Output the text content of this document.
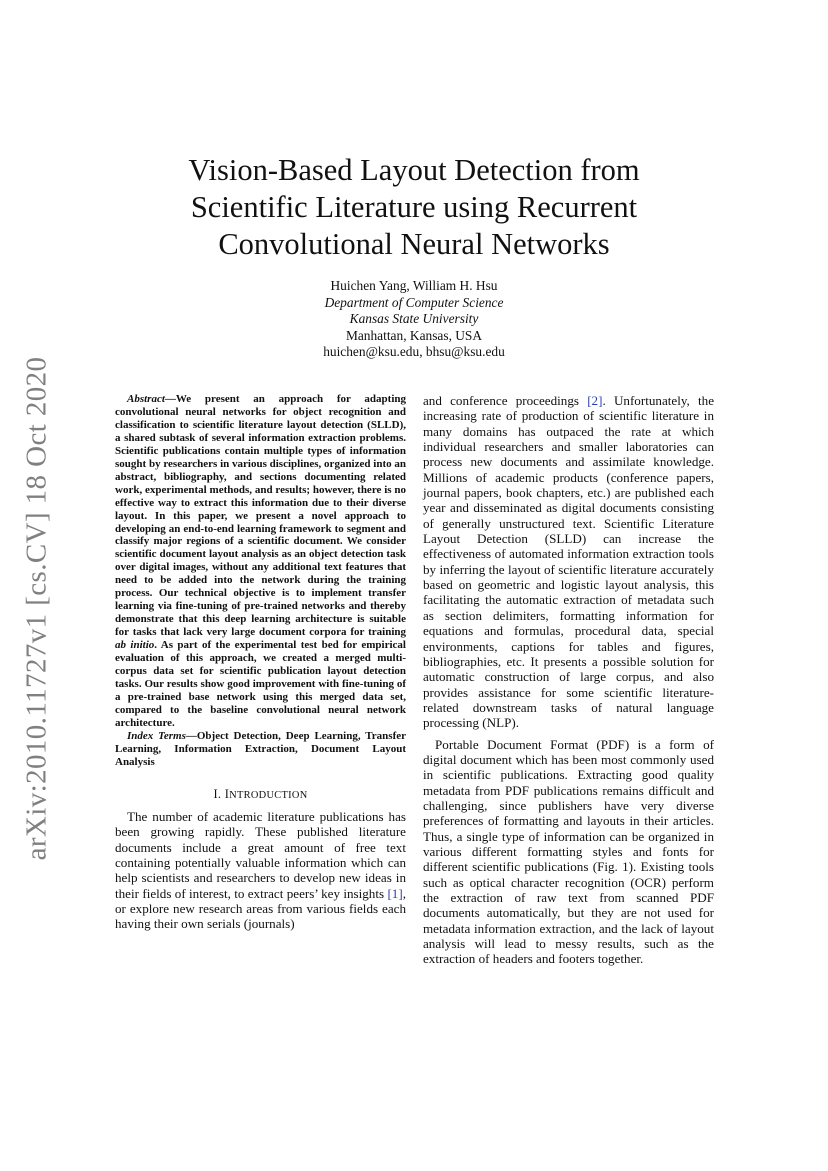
arXiv:2010.11727v1 [cs.CV] 18 Oct 2020
Vision-Based Layout Detection from
Scientific Literature using Recurrent
Convolutional Neural Networks
Huichen Yang, William H. Hsu
Department of Computer Science
Kansas State University
Manhattan, Kansas, USA
huichen@ksu.edu, bhsu@ksu.edu

Abstract—We present an approach for adapting convolutional neural networks for object recognition and classification to scientific literature layout detection (SLLD), a shared subtask of several information extraction problems. Scientific publications contain multiple types of information sought by researchers in various disciplines, organized into an abstract, bibliography, and sections documenting related work, experimental methods, and results; however, there is no effective way to extract this information due to their diverse layout. In this paper, we present a novel approach to developing an end-to-end learning framework to segment and classify major regions of a scientific document. We consider scientific document layout analysis as an object detection task over digital images, without any additional text features that need to be added into the network during the training process. Our technical objective is to implement transfer learning via fine-tuning of pre-trained networks and thereby demonstrate that this deep learning architecture is suitable for tasks that lack very large document corpora for training ab initio. As part of the experimental test bed for empirical evaluation of this approach, we created a merged multi-corpus data set for scientific publication layout detection tasks. Our results show good improvement with fine-tuning of a pre-trained base network using this merged data set, compared to the baseline convolutional neural network architecture.

Index Terms—Object Detection, Deep Learning, Transfer Learning, Information Extraction, Document Layout Analysis

I. INTRODUCTION

The number of academic literature publications has been growing rapidly. These published literature documents include a great amount of free text containing potentially valuable information which can help scientists and researchers to develop new ideas in their fields of interest, to extract peers’ key insights [1], or explore new research areas from various fields each having their own serials (journals)

and conference proceedings [2]. Unfortunately, the increasing rate of production of scientific literature in many domains has outpaced the rate at which individual researchers and smaller laboratories can process new documents and assimilate knowledge. Millions of academic products (conference papers, journal papers, book chapters, etc.) are published each year and disseminated as digital documents consisting of generally unstructured text. Scientific Literature Layout Detection (SLLD) can increase the effectiveness of automated information extraction tools by inferring the layout of scientific literature accurately based on geometric and logistic layout analysis, this facilitating the automatic extraction of metadata such as section delimiters, formatting information for equations and formulas, procedural data, special environments, captions for tables and figures, bibliographies, etc. It presents a possible solution for automatic construction of large corpus, and also provides assistance for some scientific literature-related downstream tasks of natural language processing (NLP).

Portable Document Format (PDF) is a form of digital document which has been most commonly used in scientific publications. Extracting good quality metadata from PDF publications remains difficult and challenging, since publishers have very diverse preferences of formatting and layouts in their articles. Thus, a single type of information can be organized in various different formatting styles and fonts for different scientific publications (Fig. 1). Existing tools such as optical character recognition (OCR) perform the extraction of raw text from scanned PDF documents automatically, but they are not used for metadata information extraction, and the lack of layout analysis will lead to messy results, such as the extraction of headers and footers together.
